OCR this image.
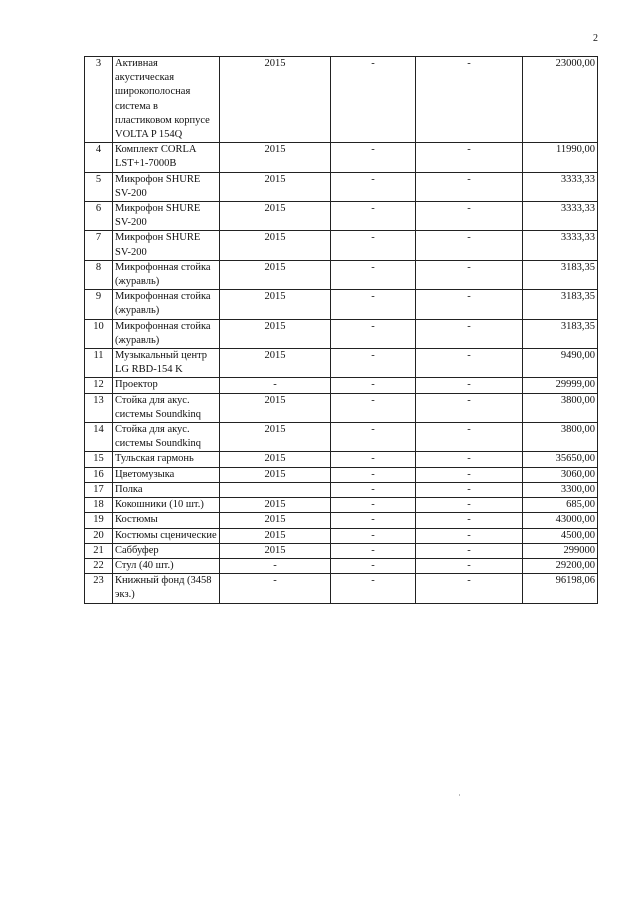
2
3	Активная акустическая широкополосная система в пластиковом корпусе VOLTA P 154Q	2015	-	-	23000,00
4	Комплект CORLA LST+1-7000B	2015	-	-	11990,00
5	Микрофон SHURE SV-200	2015	-	-	3333,33
6	Микрофон SHURE SV-200	2015	-	-	3333,33
7	Микрофон SHURE SV-200	2015	-	-	3333,33
8	Микрофонная стойка (журавль)	2015	-	-	3183,35
9	Микрофонная стойка (журавль)	2015	-	-	3183,35
10	Микрофонная стойка (журавль)	2015	-	-	3183,35
11	Музыкальный центр LG RBD-154 K	2015	-	-	9490,00
12	Проектор	-	-	-	29999,00
13	Стойка для акус. системы Soundkinq	2015	-	-	3800,00
14	Стойка для акус. системы Soundkinq	2015	-	-	3800,00
15	Тульская гармонь	2015	-	-	35650,00
16	Цветомузыка	2015	-	-	3060,00
17	Полка		-	-	3300,00
18	Кокошники (10 шт.)	2015	-	-	685,00
19	Костюмы	2015	-	-	43000,00
20	Костюмы сценические	2015	-	-	4500,00
21	Саббуфер	2015	-	-	299000
22	Стул (40 шт.)	-	-	-	29200,00
23	Книжный фонд (3458 экз.)	-	-	-	96198,06
